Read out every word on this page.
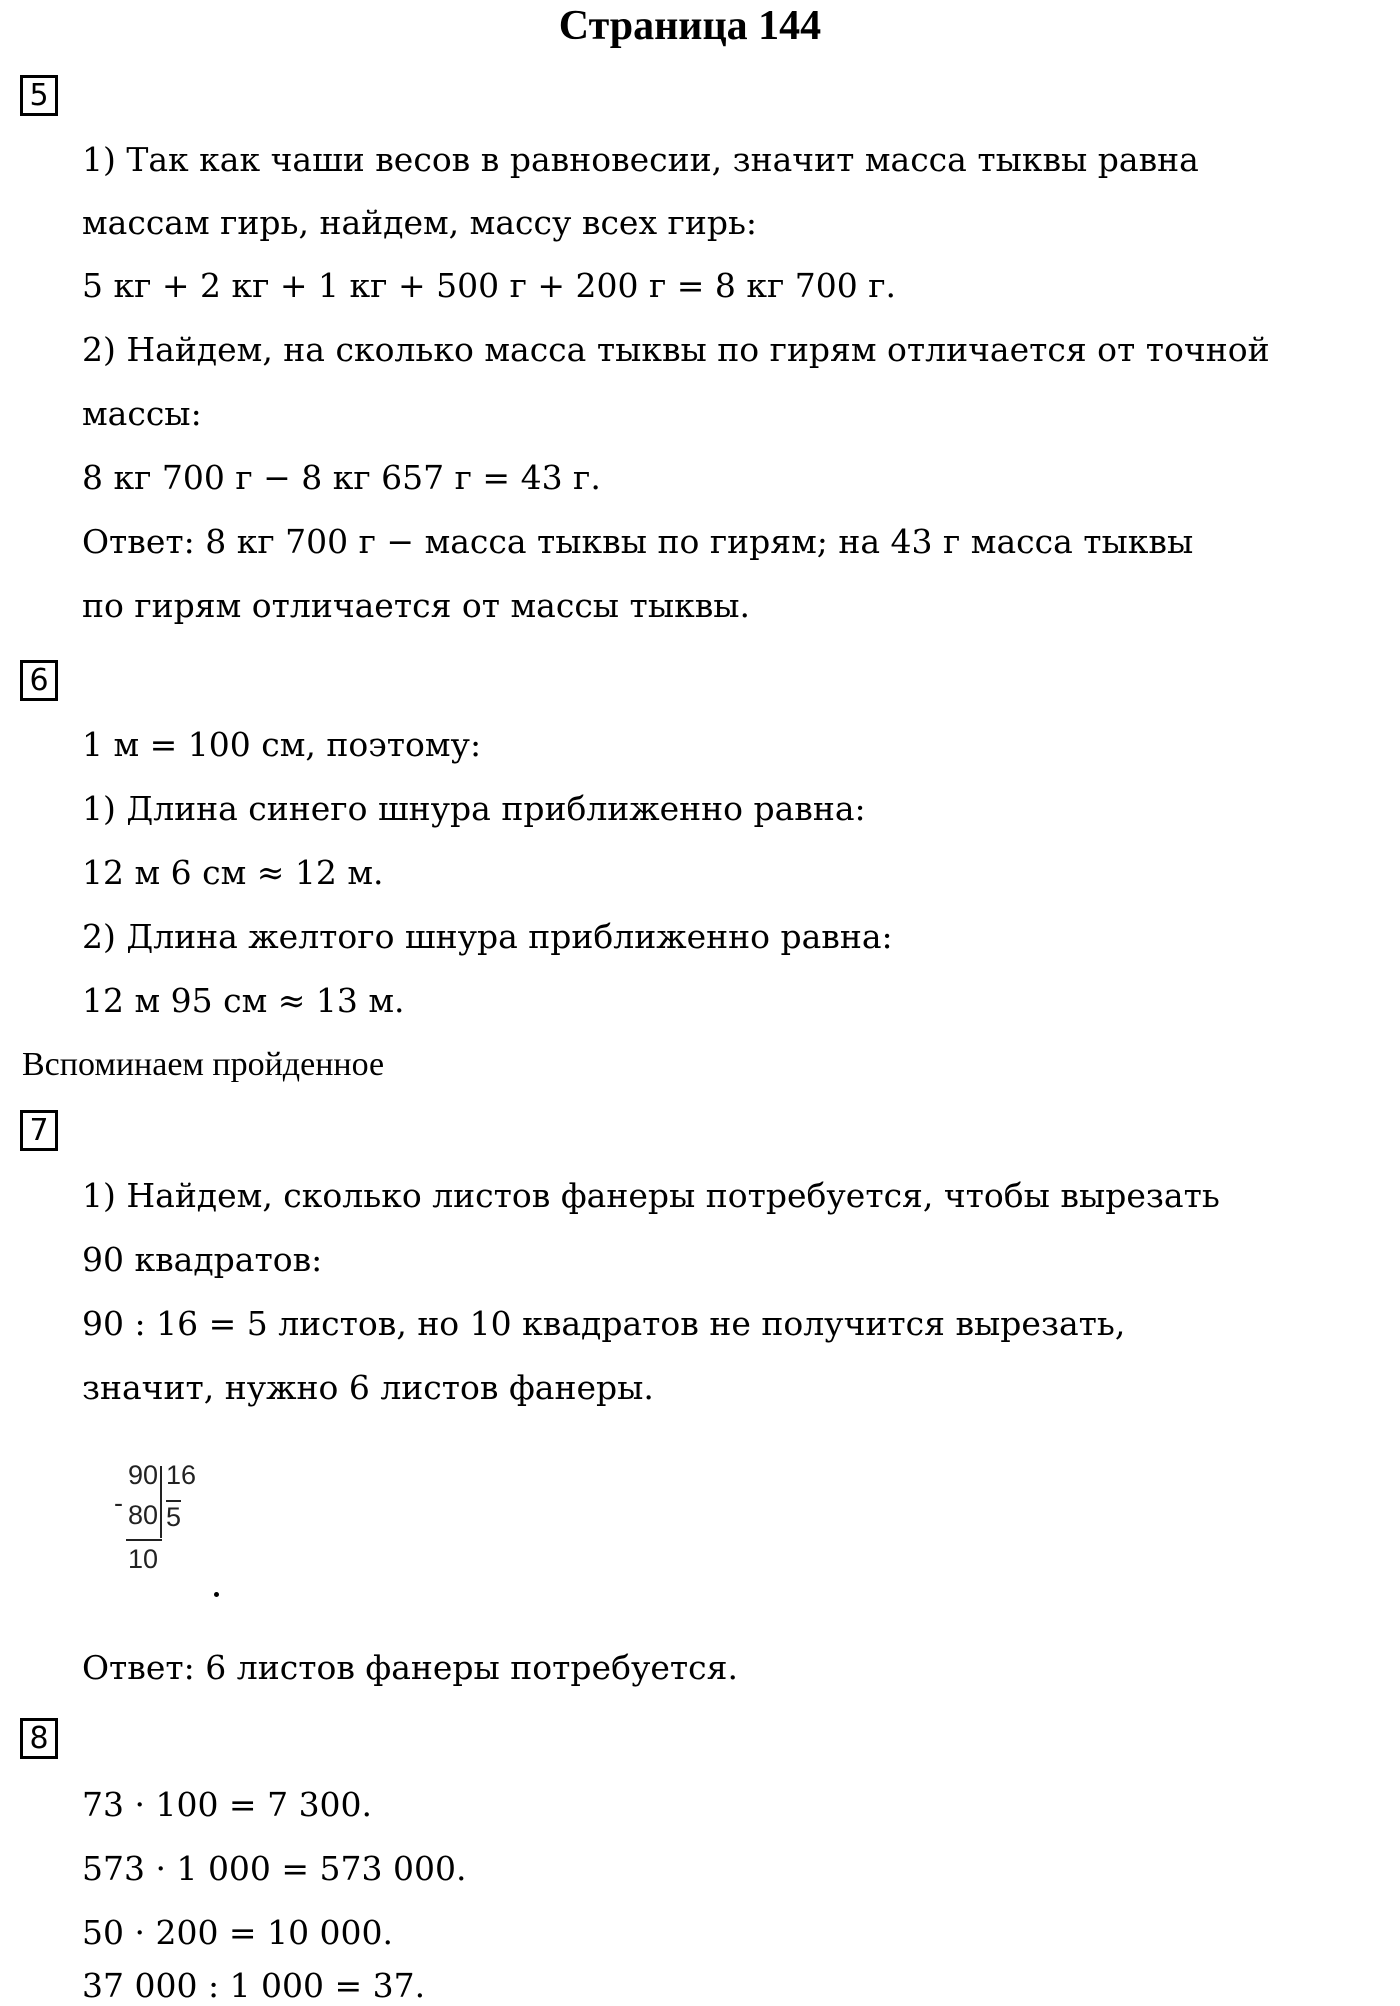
Страница 144
5
1) Так как чаши весов в равновесии, значит масса тыквы равна
массам гирь, найдем, массу всех гирь:
5 кг + 2 кг + 1 кг + 500 г + 200 г = 8 кг 700 г.
2) Найдем, на сколько масса тыквы по гирям отличается от точной
массы:
8 кг 700 г − 8 кг 657 г = 43 г.
Ответ: 8 кг 700 г − масса тыквы по гирям; на 43 г масса тыквы
по гирям отличается от массы тыквы.
6
1 м = 100 см, поэтому:
1) Длина синего шнура приближенно равна:
12 м 6 см ≈ 12 м.
2) Длина желтого шнура приближенно равна:
12 м 95 см ≈ 13 м.
Вспоминаем пройденное
7
1) Найдем, сколько листов фанеры потребуется, чтобы вырезать
90 квадратов:
90 : 16 = 5 листов, но 10 квадратов не получится вырезать,
значит, нужно 6 листов фанеры.
90 16
- 80 5
10
Ответ: 6 листов фанеры потребуется.
8
73 · 100 = 7 300.
573 · 1 000 = 573 000.
50 · 200 = 10 000.
37 000 : 1 000 = 37.
